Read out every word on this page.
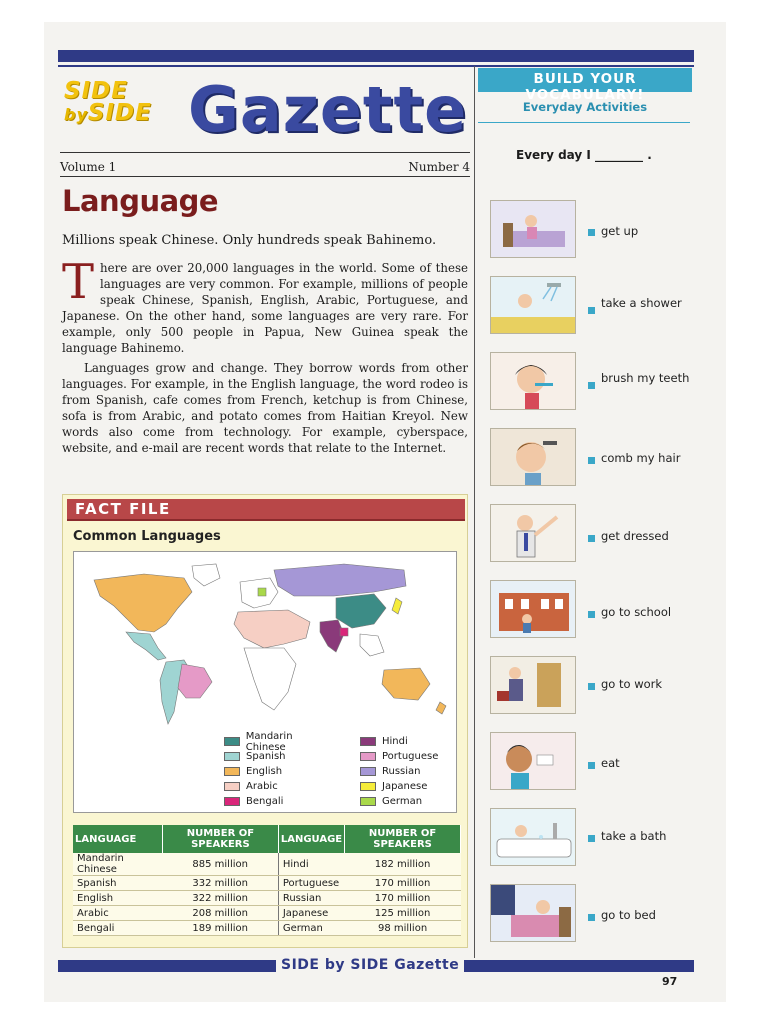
SIDE
bySIDE Gazette
Volume 1	Number 4
Language
Millions speak Chinese. Only hundreds speak Bahinemo.

There are over 20,000 languages in the world. Some of these languages are very common. For example, millions of people speak Chinese, Spanish, English, Arabic, Portuguese, and Japanese. On the other hand, some languages are very rare. For example, only 500 people in Papua, New Guinea speak the language Bahinemo.

Languages grow and change. They borrow words from other languages. For example, in the English language, the word rodeo is from Spanish, cafe comes from French, ketchup is from Chinese, sofa is from Arabic, and potato comes from Haitian Kreyol. New words also come from technology. For example, cyberspace, website, and e-mail are recent words that relate to the Internet.

FACT FILE
Common Languages
Mandarin Chinese
Spanish
English
Arabic
Bengali
Hindi
Portuguese
Russian
Japanese
German
LANGUAGE	NUMBER OF SPEAKERS	LANGUAGE	NUMBER OF SPEAKERS
Mandarin Chinese	885 million	Hindi	182 million
Spanish	332 million	Portuguese	170 million
English	322 million	Russian	170 million
Arabic	208 million	Japanese	125 million
Bengali	189 million	German	98 million
BUILD YOUR VOCABULARY!
Everyday Activities
Every day I ________ .
get up
take a shower
brush my teeth
comb my hair
get dressed
go to school
go to work
eat
take a bath
go to bed
SIDE by SIDE Gazette
97
